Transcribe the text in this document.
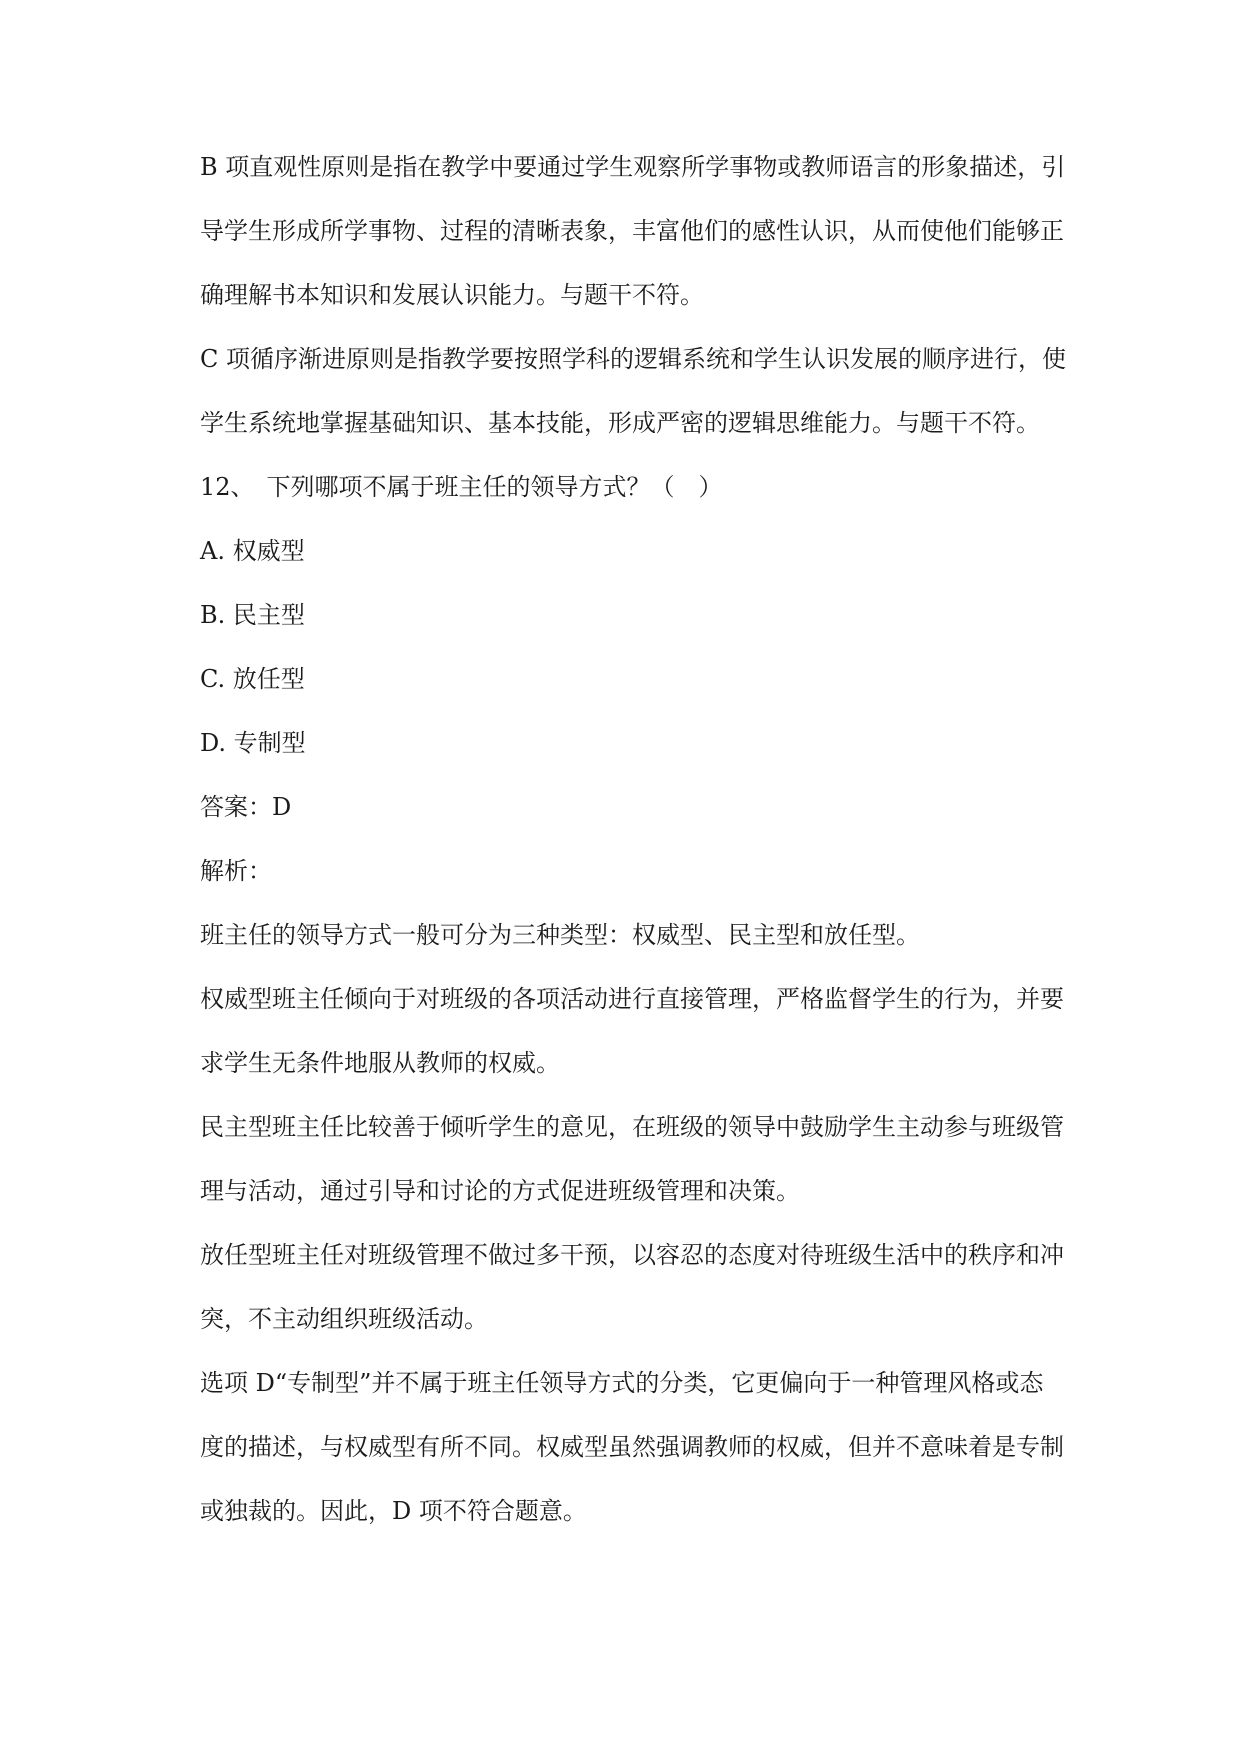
B 项直观性原则是指在教学中要通过学生观察所学事物或教师语言的形象描述，引
导学生形成所学事物、过程的清晰表象，丰富他们的感性认识，从而使他们能够正
确理解书本知识和发展认识能力。与题干不符。
C 项循序渐进原则是指教学要按照学科的逻辑系统和学生认识发展的顺序进行，使
学生系统地掌握基础知识、基本技能，形成严密的逻辑思维能力。与题干不符。
12、　下列哪项不属于班主任的领导方式？（　）
A. 权威型
B. 民主型
C. 放任型
D. 专制型
答案：D
解析：
班主任的领导方式一般可分为三种类型：权威型、民主型和放任型。
权威型班主任倾向于对班级的各项活动进行直接管理，严格监督学生的行为，并要
求学生无条件地服从教师的权威。
民主型班主任比较善于倾听学生的意见，在班级的领导中鼓励学生主动参与班级管
理与活动，通过引导和讨论的方式促进班级管理和决策。
放任型班主任对班级管理不做过多干预，以容忍的态度对待班级生活中的秩序和冲
突，不主动组织班级活动。
选项 D“专制型”并不属于班主任领导方式的分类，它更偏向于一种管理风格或态
度的描述，与权威型有所不同。权威型虽然强调教师的权威，但并不意味着是专制
或独裁的。因此，D 项不符合题意。
